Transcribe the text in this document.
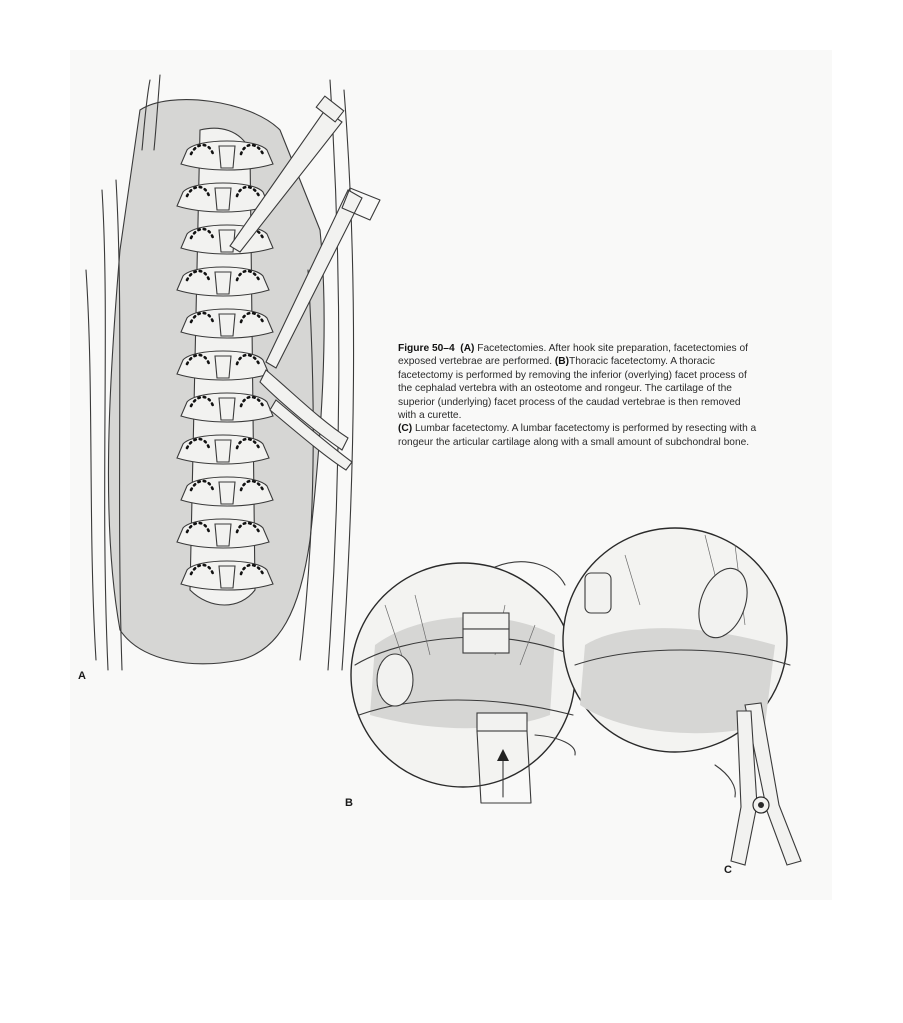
A
Figure 50–4 (A) Facetectomies. After hook site preparation, facetectomies of exposed vertebrae are performed. (B)Thoracic facetectomy. A thoracic facetectomy is performed by removing the inferior (overlying) facet process of the cephalad vertebra with an osteotome and rongeur. The cartilage of the superior (underlying) facet process of the caudad vertebrae is then removed with a curette.
(C) Lumbar facetectomy. A lumbar facetectomy is performed by resecting with a rongeur the articular cartilage along with a small amount of subchondral bone.
B
C
